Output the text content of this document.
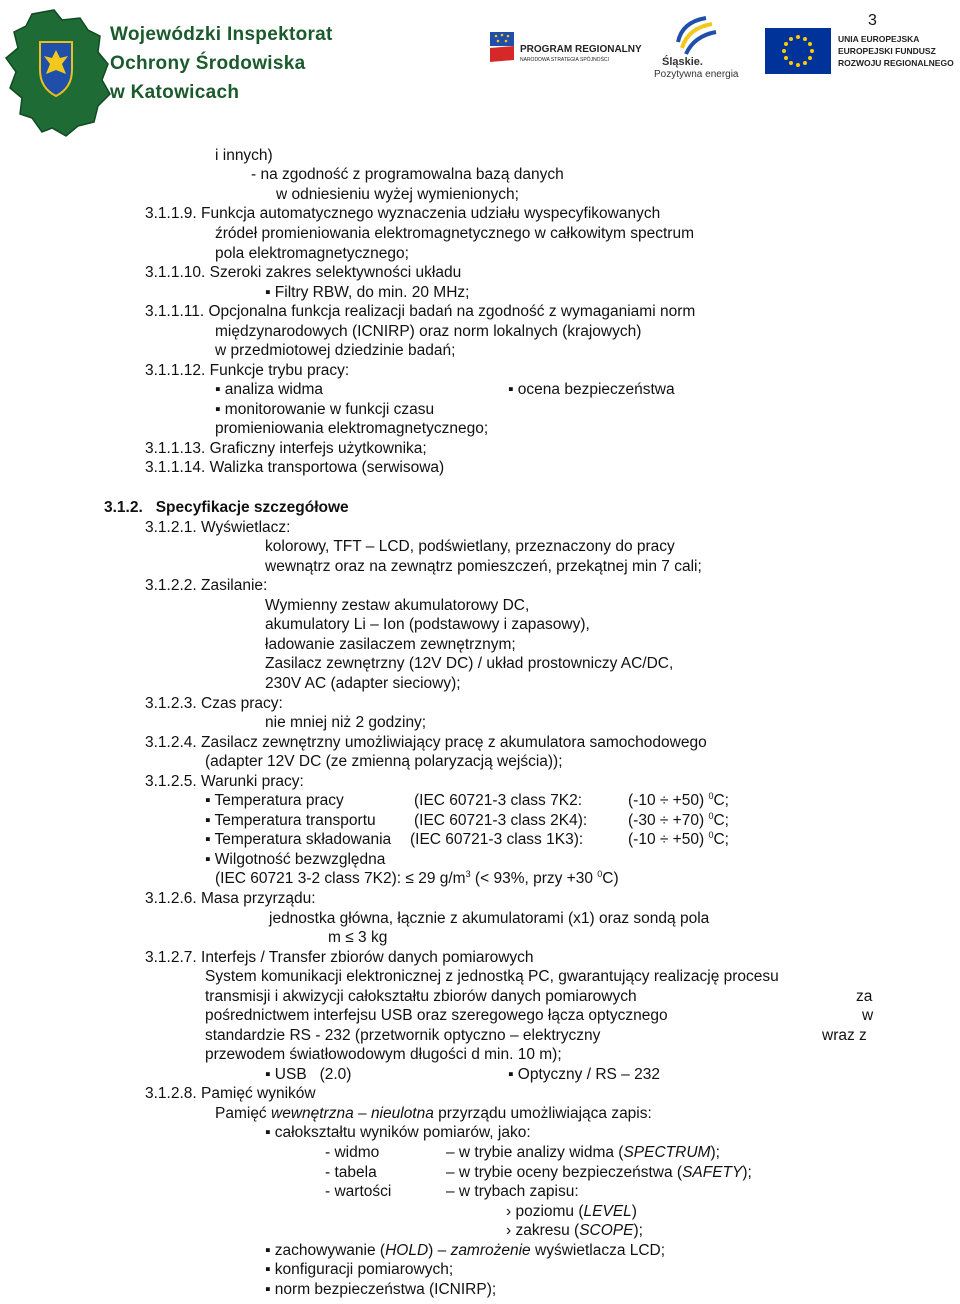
Wojewódzki Inspektorat
Ochrony Środowiska
w Katowicach
PROGRAM REGIONALNY
NARODOWA STRATEGIA SPÓJNOŚCI	Śląskie.
Pozytywna energia
3
UNIA EUROPEJSKA
EUROPEJSKI FUNDUSZ
ROZWOJU REGIONALNEGO
i innych)
- na zgodność z programowalna bazą danych
w odniesieniu wyżej wymienionych;
3.1.1.9. Funkcja automatycznego wyznaczenia udziału wyspecyfikowanych
źródeł promieniowania elektromagnetycznego w całkowitym spectrum
pola elektromagnetycznego;
3.1.1.10. Szeroki zakres selektywności układu
▪ Filtry RBW, do min. 20 MHz;
3.1.1.11. Opcjonalna funkcja realizacji badań na zgodność z wymaganiami norm
międzynarodowych (ICNIRP) oraz norm lokalnych (krajowych)
w przedmiotowej dziedzinie badań;
3.1.1.12. Funkcje trybu pracy:
▪ analiza widma	▪ ocena bezpieczeństwa
▪ monitorowanie w funkcji czasu
promieniowania elektromagnetycznego;
3.1.1.13. Graficzny interfejs użytkownika;
3.1.1.14. Walizka transportowa (serwisowa)
3.1.2.   Specyfikacje szczegółowe
3.1.2.1. Wyświetlacz:
kolorowy, TFT – LCD, podświetlany, przeznaczony do pracy
wewnątrz oraz na zewnątrz pomieszczeń, przekątnej min 7 cali;
3.1.2.2. Zasilanie:
Wymienny zestaw akumulatorowy DC,
akumulatory Li – Ion (podstawowy i zapasowy),
ładowanie zasilaczem zewnętrznym;
Zasilacz zewnętrzny (12V DC) / układ prostowniczy AC/DC,
230V AC (adapter sieciowy);
3.1.2.3. Czas pracy:
nie mniej niż 2 godziny;
3.1.2.4. Zasilacz zewnętrzny umożliwiający pracę z akumulatora samochodowego
(adapter 12V DC (ze zmienną polaryzacją wejścia));
3.1.2.5. Warunki pracy:
▪ Temperatura pracy	(IEC 60721-3 class 7K2:	(-10 ÷ +50) $^0$C;
▪ Temperatura transportu (IEC 60721-3 class 2K4):	(-30 ÷ +70) $^0$C;
▪ Temperatura składowania (IEC 60721-3 class 1K3):	(-10 ÷ +50) $^0$C;
▪ Wilgotność bezwzględna
(IEC 60721 3-2 class 7K2): ≤ 29 $g/m^3$ (< 93%, przy +30 $^0$C)
3.1.2.6. Masa przyrządu:
jednostka główna, łącznie z akumulatorami (x1) oraz sondą pola
m ≤ 3 kg
3.1.2.7. Interfejs / Transfer zbiorów danych pomiarowych
System komunikacji elektronicznej z jednostką PC, gwarantujący realizację procesu
transmisji i akwizycji całokształtu zbiorów danych pomiarowych	za
pośrednictwem interfejsu USB oraz szeregowego łącza optycznego	w
standardzie RS - 232 (przetwornik optyczno – elektryczny	wraz z
przewodem światłowodowym długości d min. 10 m);
▪ USB   (2.0)	▪ Optyczny / RS – 232
3.1.2.8. Pamięć wyników
Pamięć wewnętrzna – nieulotna przyrządu umożliwiająca zapis:
▪ całokształtu wyników pomiarów, jako:
- widmo	– w trybie analizy widma (SPECTRUM);
- tabela	– w trybie oceny bezpieczeństwa (SAFETY);
- wartości	– w trybach zapisu:
› poziomu (LEVEL)
› zakresu (SCOPE);
▪ zachowywanie (HOLD) – zamrożenie wyświetlacza LCD;
▪ konfiguracji pomiarowych;
▪ norm bezpieczeństwa (ICNIRP);
